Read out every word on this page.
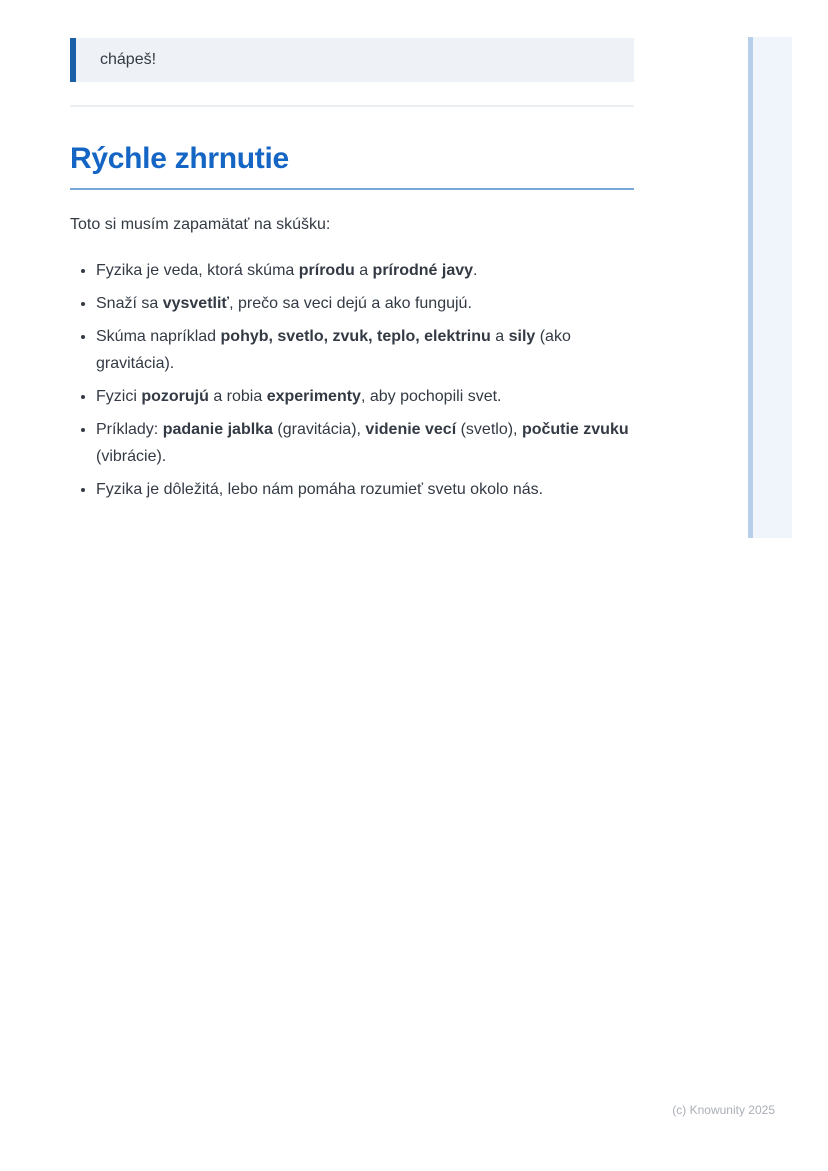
chápeš!
Rýchle zhrnutie

Toto si musím zapamätať na skúšku:

• Fyzika je veda, ktorá skúma prírodu a prírodné javy.
• Snaží sa vysvetliť, prečo sa veci dejú a ako fungujú.
• Skúma napríklad pohyb, svetlo, zvuk, teplo, elektrinu a sily (ako gravitácia).
• Fyzici pozorujú a robia experimenty, aby pochopili svet.
• Príklady: padanie jablka (gravitácia), videnie vecí (svetlo), počutie zvuku (vibrácie).
• Fyzika je dôležitá, lebo nám pomáha rozumieť svetu okolo nás.
(c) Knowunity 2025
